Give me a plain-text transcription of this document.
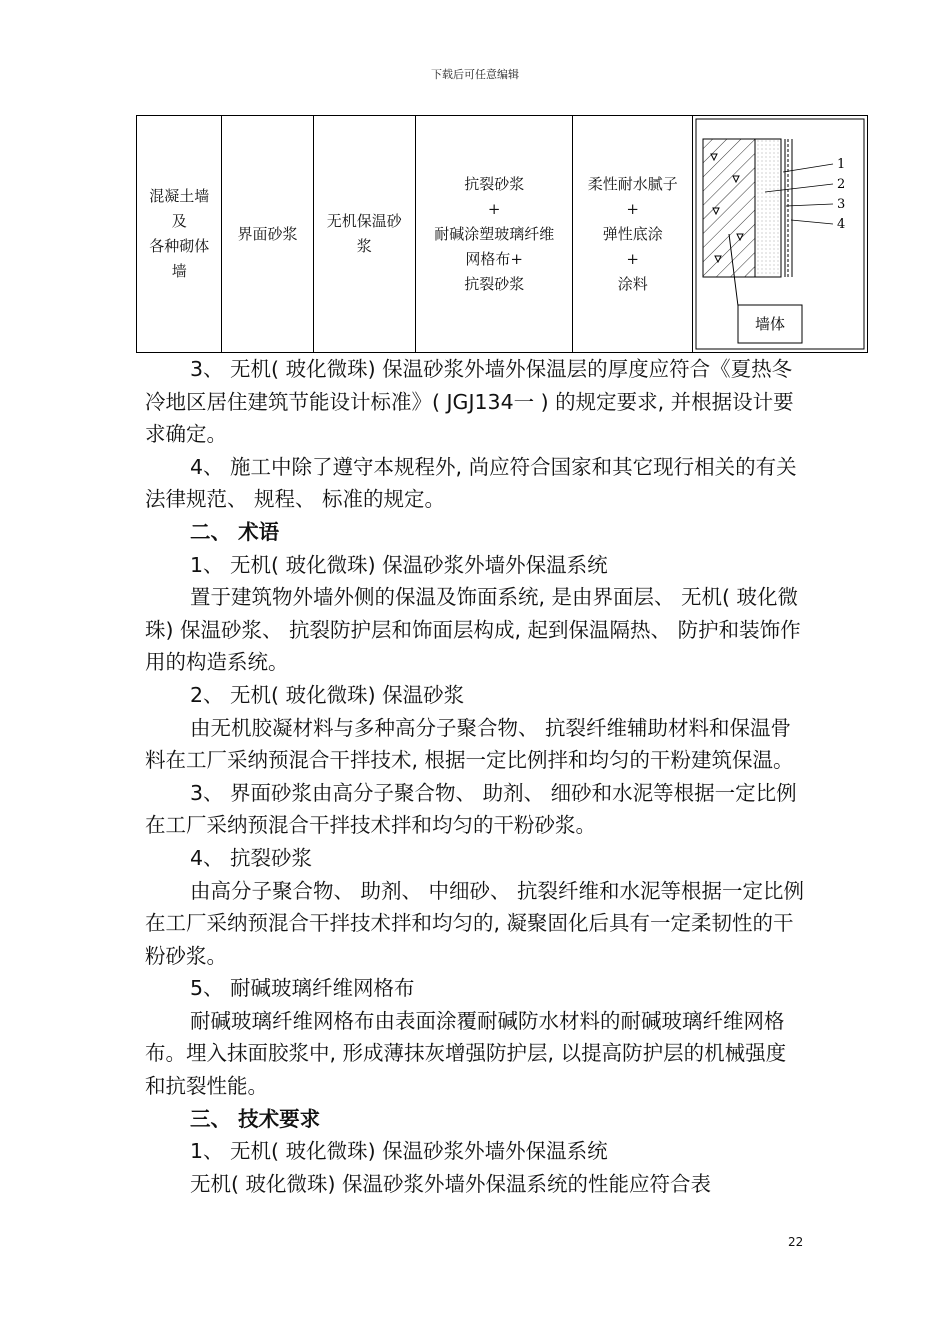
下载后可任意编辑
混凝土墙
及
各种砌体
墙

界面砂浆

无机保温砂
浆

抗裂砂浆
+
耐碱涂塑玻璃纤维
网格布+
抗裂砂浆

柔性耐水腻子
+
弹性底涂
+
涂料

1
2
3
4
墙体

3、 无机( 玻化微珠) 保温砂浆外墙外保温层的厚度应符合《夏热冬冷地区居住建筑节能设计标准》( JGJ134一 ) 的规定要求, 并根据设计要求确定。

4、 施工中除了遵守本规程外, 尚应符合国家和其它现行相关的有关法律规范、 规程、 标准的规定。

二、 术语

1、 无机( 玻化微珠) 保温砂浆外墙外保温系统

置于建筑物外墙外侧的保温及饰面系统, 是由界面层、 无机( 玻化微珠) 保温砂浆、 抗裂防护层和饰面层构成, 起到保温隔热、 防护和装饰作用的构造系统。

2、 无机( 玻化微珠) 保温砂浆

由无机胶凝材料与多种高分子聚合物、 抗裂纤维辅助材料和保温骨料在工厂采纳预混合干拌技术, 根据一定比例拌和均匀的干粉建筑保温。

3、 界面砂浆由高分子聚合物、 助剂、 细砂和水泥等根据一定比例在工厂采纳预混合干拌技术拌和均匀的干粉砂浆。

4、 抗裂砂浆

由高分子聚合物、 助剂、 中细砂、 抗裂纤维和水泥等根据一定比例在工厂采纳预混合干拌技术拌和均匀的, 凝聚固化后具有一定柔韧性的干粉砂浆。

5、 耐碱玻璃纤维网格布

耐碱玻璃纤维网格布由表面涂覆耐碱防水材料的耐碱玻璃纤维网格布。埋入抹面胶浆中, 形成薄抹灰增强防护层, 以提高防护层的机械强度和抗裂性能。

三、 技术要求

1、 无机( 玻化微珠) 保温砂浆外墙外保温系统

无机( 玻化微珠) 保温砂浆外墙外保温系统的性能应符合表

22
